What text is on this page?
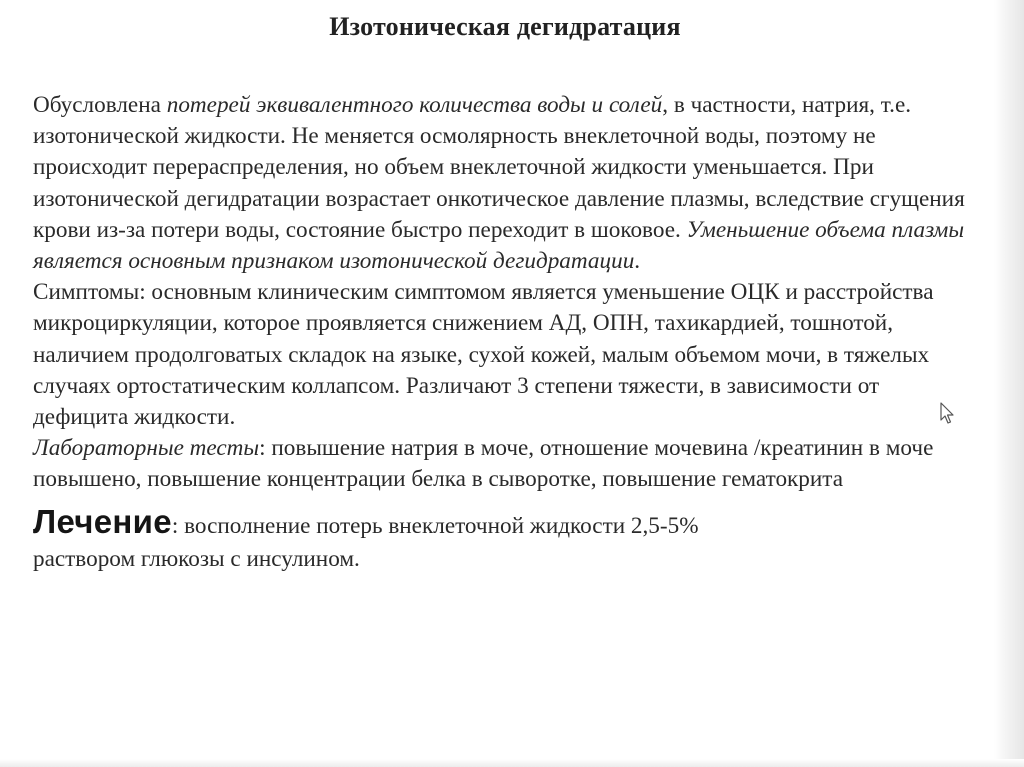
Изотоническая дегидратация

Обусловлена потерей эквивалентного количества воды и солей, в частности, натрия, т.е. изотонической жидкости. Не меняется осмолярность внеклеточной воды, поэтому не происходит перераспределения, но объем внеклеточной жидкости уменьшается. При изотонической дегидратации возрастает онкотическое давление плазмы, вследствие сгущения крови из-за потери воды, состояние быстро переходит в шоковое. Уменьшение объема плазмы является основным признаком изотонической дегидратации.

Симптомы: основным клиническим симптомом является уменьшение ОЦК и расстройства микроциркуляции, которое проявляется снижением АД, ОПН, тахикардией, тошнотой, наличием продолговатых складок на языке, сухой кожей, малым объемом мочи, в тяжелых случаях ортостатическим коллапсом. Различают 3 степени тяжести, в зависимости от дефицита жидкости.

Лабораторные тесты: повышение натрия в моче, отношение мочевина /креатинин в моче повышено, повышение концентрации белка в сыворотке, повышение гематокрита

Лечение: восполнение потерь внеклеточной жидкости 2,5-5%

раствором глюкозы с инсулином.
